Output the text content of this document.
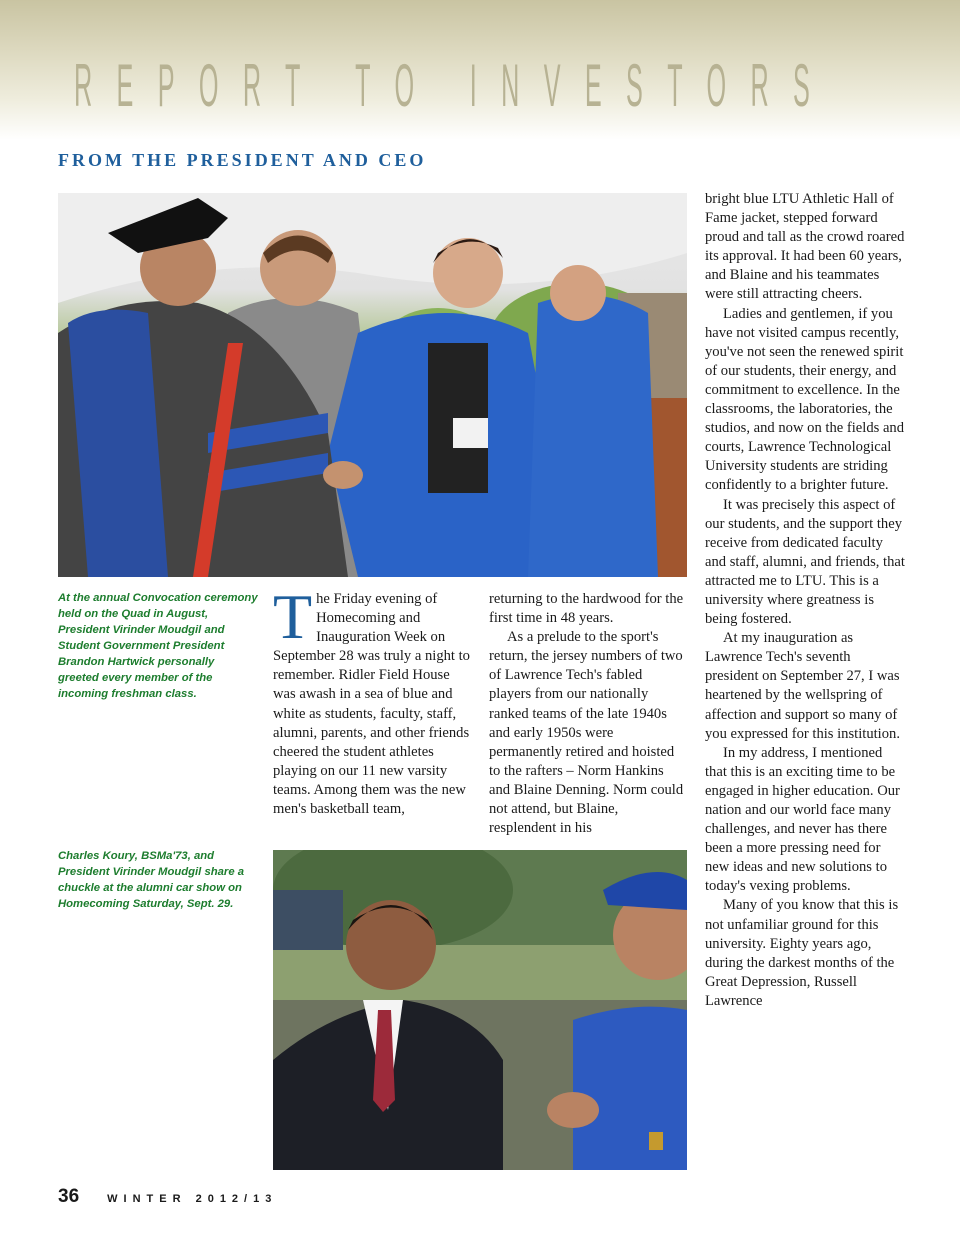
REPORT TO INVESTORS
FROM THE PRESIDENT AND CEO
At the annual Convocation ceremony held on the Quad in August, President Virinder Moudgil and Student Government President Brandon Hartwick personally greeted every member of the incoming freshman class.

The Friday evening of Homecoming and Inauguration Week on September 28 was truly a night to remember. Ridler Field House was awash in a sea of blue and white as students, faculty, staff, alumni, parents, and other friends cheered the student athletes playing on our 11 new varsity teams. Among them was the new men's basketball team,

returning to the hardwood for the first time in 48 years.

As a prelude to the sport's return, the jersey numbers of two of Lawrence Tech's fabled players from our nationally ranked teams of the late 1940s and early 1950s were permanently retired and hoisted to the rafters – Norm Hankins and Blaine Denning. Norm could not attend, but Blaine, resplendent in his

bright blue LTU Athletic Hall of Fame jacket, stepped forward proud and tall as the crowd roared its approval. It had been 60 years, and Blaine and his teammates were still attracting cheers.

Ladies and gentlemen, if you have not visited campus recently, you've not seen the renewed spirit of our students, their energy, and commitment to excellence. In the classrooms, the laboratories, the studios, and now on the fields and courts, Lawrence Technological University students are striding confidently to a brighter future.

It was precisely this aspect of our students, and the support they receive from dedicated faculty and staff, alumni, and friends, that attracted me to LTU. This is a university where greatness is being fostered.

At my inauguration as Lawrence Tech's seventh president on September 27, I was heartened by the wellspring of affection and support so many of you expressed for this institution.

In my address, I mentioned that this is an exciting time to be engaged in higher education. Our nation and our world face many challenges, and never has there been a more pressing need for new ideas and new solutions to today's vexing problems.

Many of you know that this is not unfamiliar ground for this university. Eighty years ago, during the darkest months of the Great Depression, Russell Lawrence

Charles Koury, BSMa'73, and President Virinder Moudgil share a chuckle at the alumni car show on Homecoming Saturday, Sept. 29.
36	WINTER 2012/13
